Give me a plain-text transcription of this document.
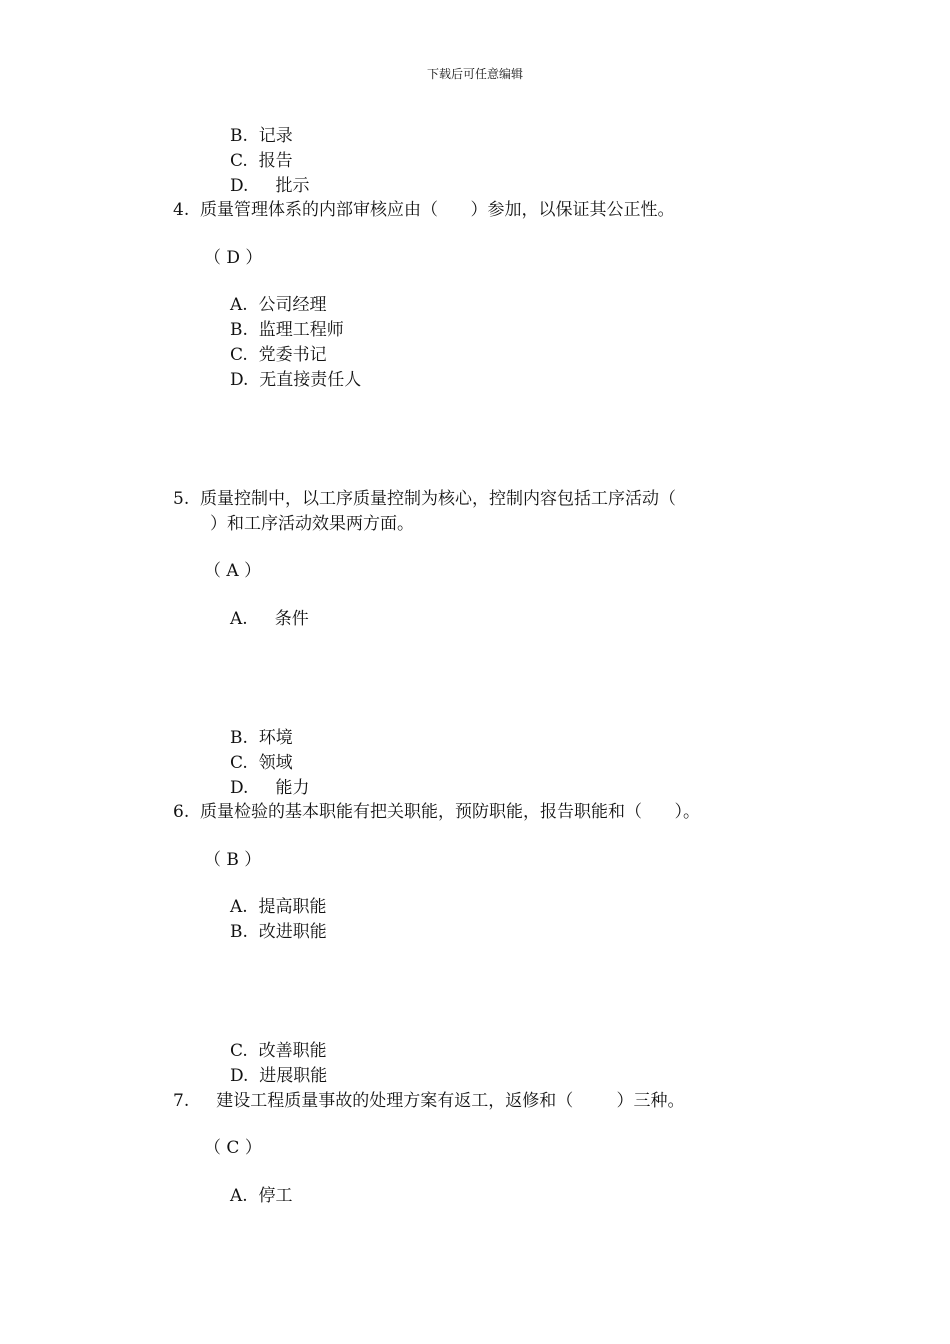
下载后可任意编辑
B.  记录
C.  报告
D.     批示
4.  质量管理体系的内部审核应由（      ）参加，以保证其公正性。
（ D ）
A.  公司经理
B.  监理工程师
C.  党委书记
D.  无直接责任人
5.  质量控制中，以工序质量控制为核心，控制内容包括工序活动（
）和工序活动效果两方面。
（ A ）
A.     条件
B.  环境
C.  领域
D.     能力
6.  质量检验的基本职能有把关职能，预防职能，报告职能和（      ）。
（ B ）
A.  提高职能
B.  改进职能
C.  改善职能
D.  进展职能
7.     建设工程质量事故的处理方案有返工，返修和（        ）三种。
（ C ）
A.  停工
